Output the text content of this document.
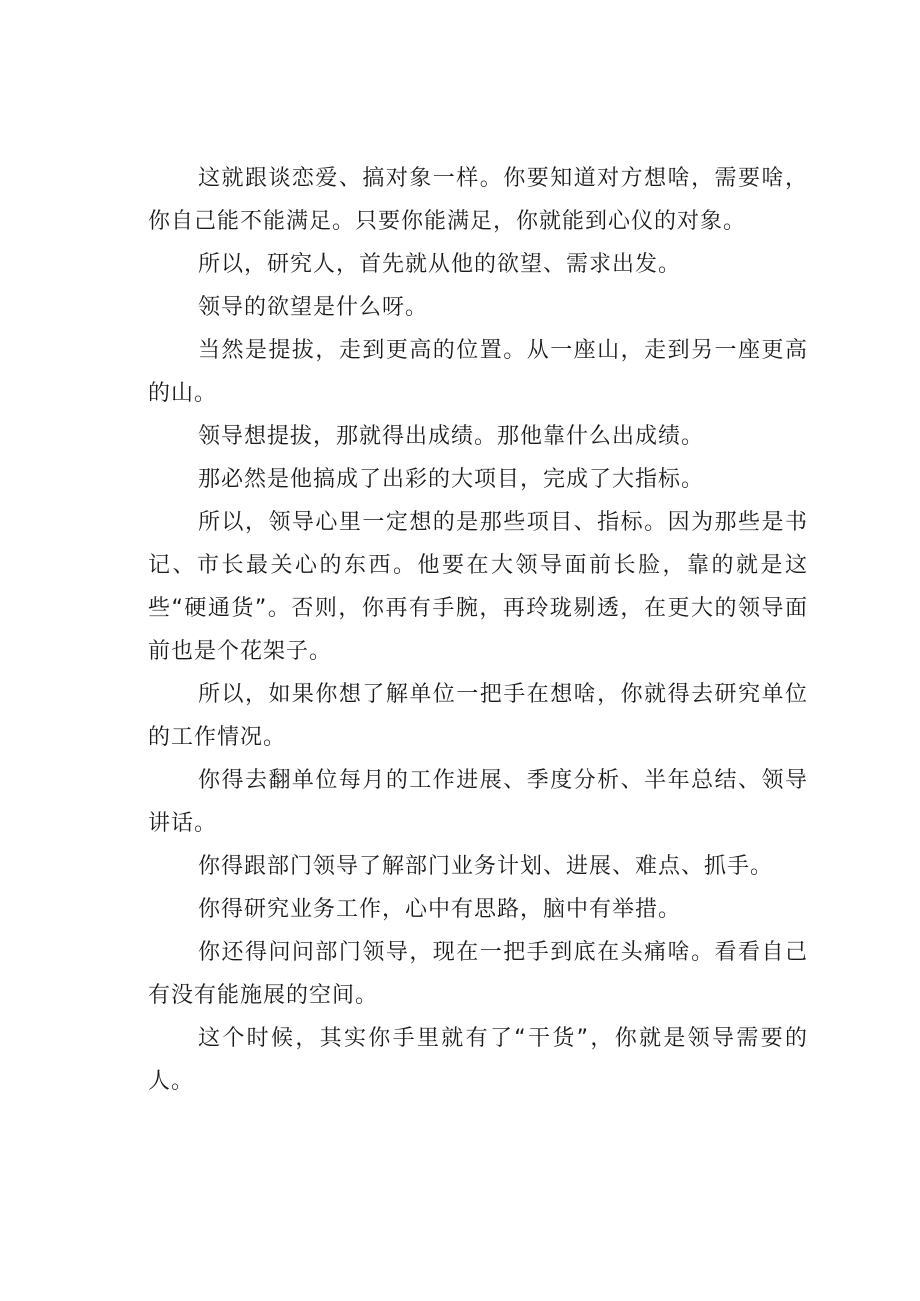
这就跟谈恋爱、搞对象一样。你要知道对方想啥，需要啥，你自己能不能满足。只要你能满足，你就能到心仪的对象。

所以，研究人，首先就从他的欲望、需求出发。

领导的欲望是什么呀。

当然是提拔，走到更高的位置。从一座山，走到另一座更高的山。

领导想提拔，那就得出成绩。那他靠什么出成绩。

那必然是他搞成了出彩的大项目，完成了大指标。

所以，领导心里一定想的是那些项目、指标。因为那些是书记、市长最关心的东西。他要在大领导面前长脸，靠的就是这些“硬通货”。否则，你再有手腕，再玲珑剔透，在更大的领导面前也是个花架子。

所以，如果你想了解单位一把手在想啥，你就得去研究单位的工作情况。

你得去翻单位每月的工作进展、季度分析、半年总结、领导讲话。

你得跟部门领导了解部门业务计划、进展、难点、抓手。

你得研究业务工作，心中有思路，脑中有举措。

你还得问问部门领导，现在一把手到底在头痛啥。看看自己有没有能施展的空间。

这个时候，其实你手里就有了“干货”，你就是领导需要的人。
